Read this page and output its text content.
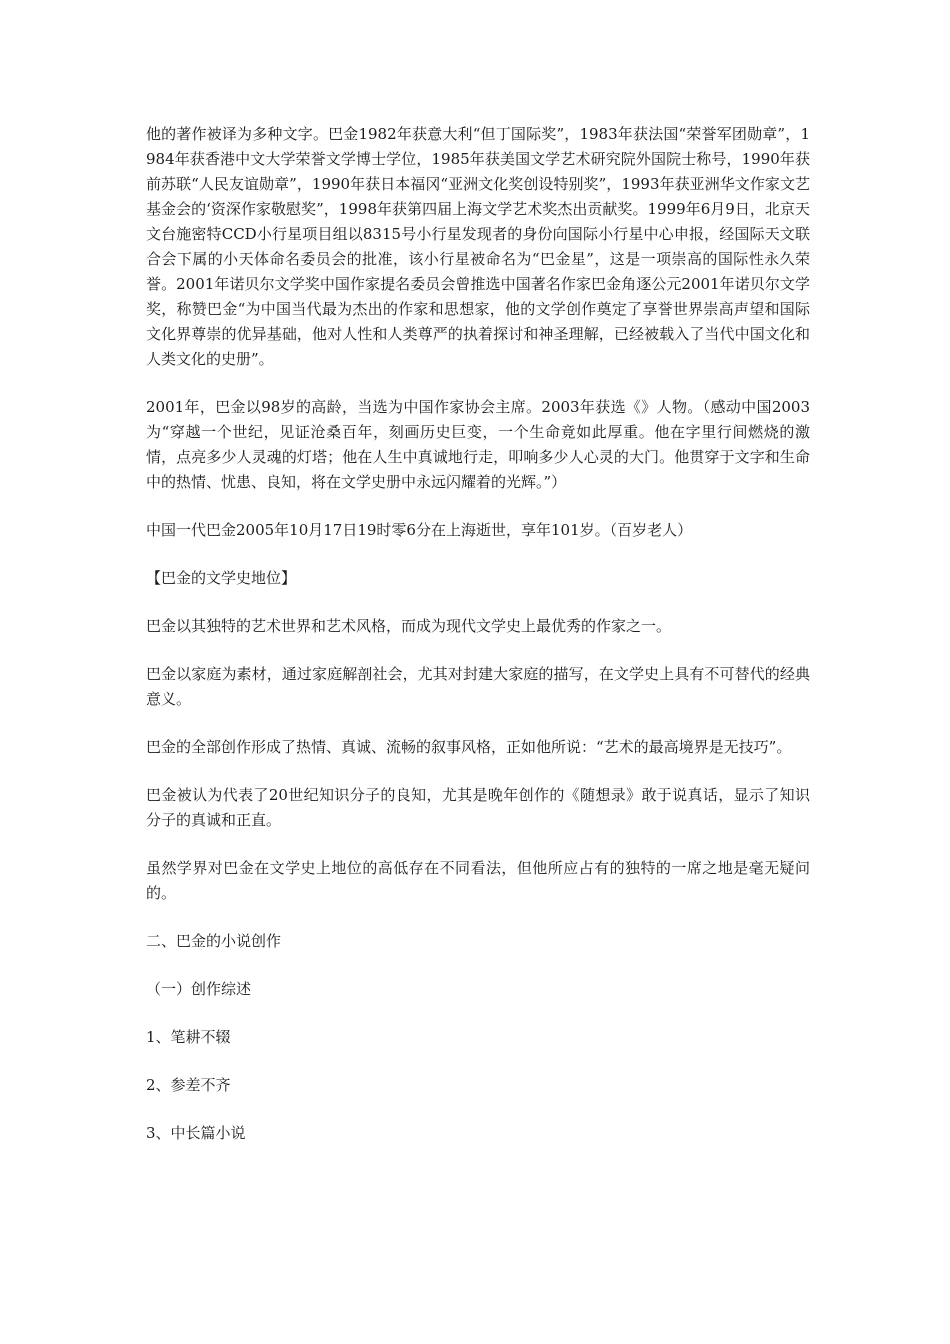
他的著作被译为多种文字。巴金1982年获意大利“但丁国际奖”，1983年获法国“荣誉军团勋章”，1984年获香港中文大学荣誉文学博士学位，1985年获美国文学艺术研究院外国院士称号，1990年获前苏联“人民友谊勋章”，1990年获日本福冈“亚洲文化奖创设特别奖”，1993年获亚洲华文作家文艺基金会的‘资深作家敬慰奖”，1998年获第四届上海文学艺术奖杰出贡献奖。1999年6月9日，北京天文台施密特CCD小行星项目组以8315号小行星发现者的身份向国际小行星中心申报，经国际天文联合会下属的小天体命名委员会的批准，该小行星被命名为“巴金星”，这是一项崇高的国际性永久荣誉。2001年诺贝尔文学奖中国作家提名委员会曾推选中国著名作家巴金角逐公元2001年诺贝尔文学奖，称赞巴金“为中国当代最为杰出的作家和思想家，他的文学创作奠定了享誉世界崇高声望和国际文化界尊崇的优异基础，他对人性和人类尊严的执着探讨和神圣理解，已经被载入了当代中国文化和人类文化的史册”。

2001年，巴金以98岁的高龄，当选为中国作家协会主席。2003年获选《》人物。（感动中国2003为“穿越一个世纪，见证沧桑百年，刻画历史巨变，一个生命竟如此厚重。他在字里行间燃烧的激情，点亮多少人灵魂的灯塔；他在人生中真诚地行走，叩响多少人心灵的大门。他贯穿于文字和生命中的热情、忧患、良知，将在文学史册中永远闪耀着的光辉。”）

中国一代巴金2005年10月17日19时零6分在上海逝世，享年101岁。（百岁老人）

【巴金的文学史地位】

巴金以其独特的艺术世界和艺术风格，而成为现代文学史上最优秀的作家之一。

巴金以家庭为素材，通过家庭解剖社会，尤其对封建大家庭的描写，在文学史上具有不可替代的经典意义。

巴金的全部创作形成了热情、真诚、流畅的叙事风格，正如他所说：“艺术的最高境界是无技巧”。

巴金被认为代表了20世纪知识分子的良知，尤其是晚年创作的《随想录》敢于说真话，显示了知识分子的真诚和正直。

虽然学界对巴金在文学史上地位的高低存在不同看法，但他所应占有的独特的一席之地是毫无疑问的。

二、巴金的小说创作

（一）创作综述

1、笔耕不辍

2、参差不齐

3、中长篇小说
